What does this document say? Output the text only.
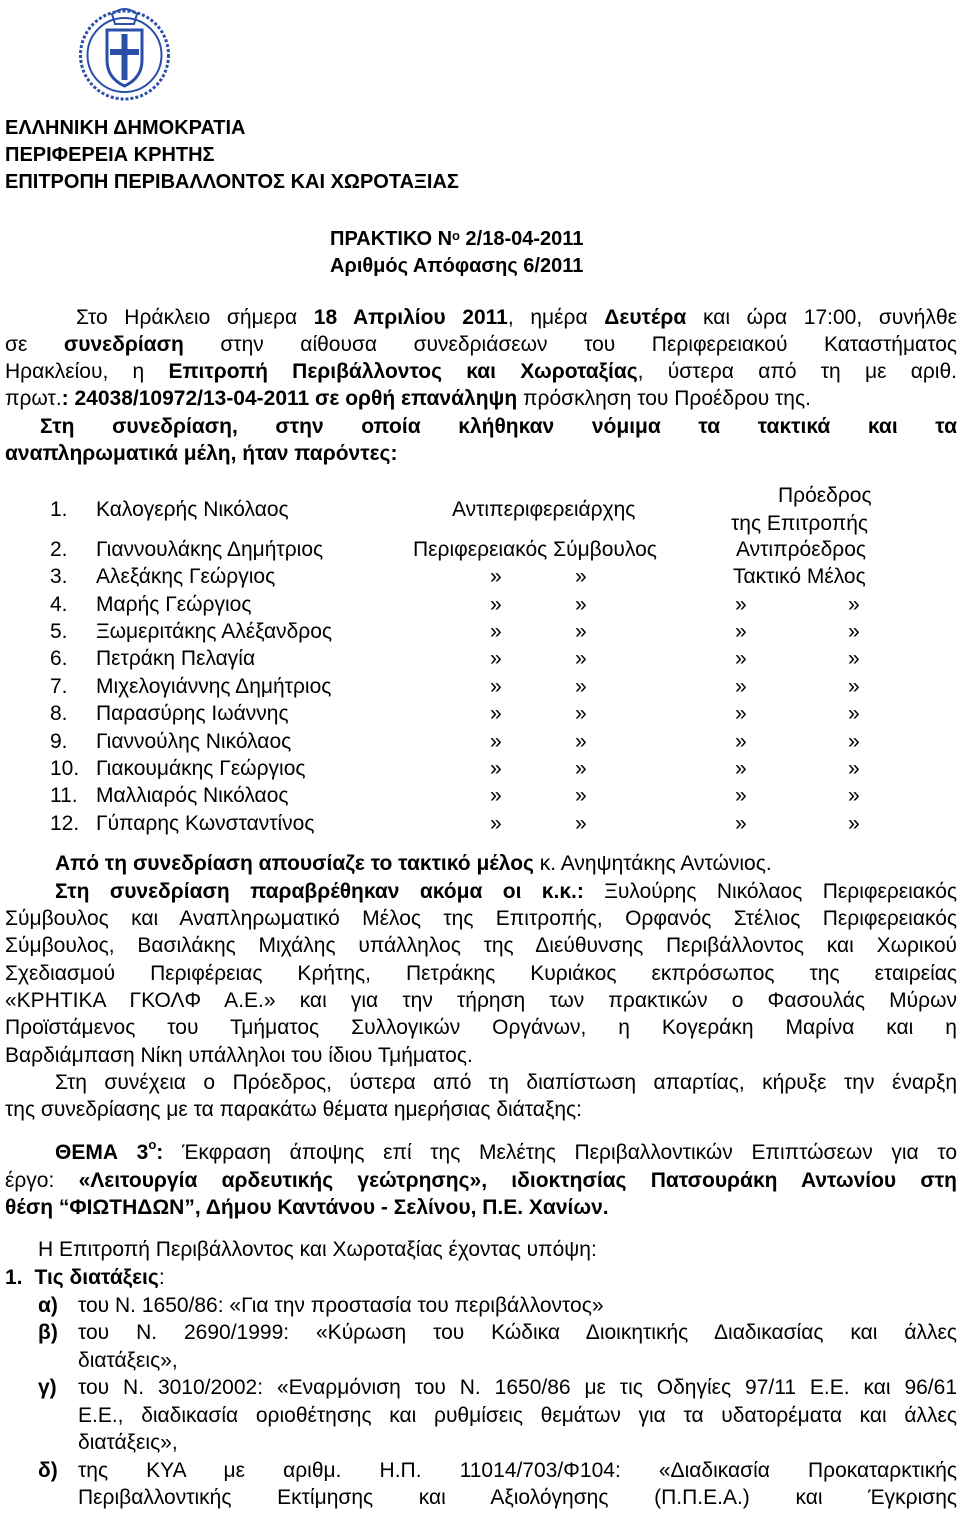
ΕΛΛΗΝΙΚΗ ΔΗΜΟΚΡΑΤΙΑ
ΠΕΡΙΦΕΡΕΙΑ ΚΡΗΤΗΣ
ΕΠΙΤΡΟΠΗ ΠΕΡΙΒΑΛΛΟΝΤΟΣ ΚΑΙ ΧΩΡΟΤΑΞΙΑΣ
ΠΡΑΚΤΙΚΟ $N^o$ 2/18-04-2011
Αριθμός Απόφασης 6/2011
Στο Ηράκλειο σήμερα 18 Απριλίου 2011, ημέρα Δευτέρα και ώρα 17:00, συνήλθε
σε συνεδρίαση στην αίθουσα συνεδριάσεων του Περιφερειακού Καταστήματος
Ηρακλείου, η Επιτροπή Περιβάλλοντος και Χωροταξίας, ύστερα από τη με αριθ.
πρωτ.: 24038/10972/13-04-2011 σε ορθή επανάληψη πρόσκληση του Προέδρου της.
Στη συνεδρίαση, στην οποία κλήθηκαν νόμιμα τα τακτικά και τα
αναπληρωματικά μέλη, ήταν παρόντες:
1. Καλογερής Νικόλαος	Αντιπεριφερειάρχης
Πρόεδρος
της Επιτροπής
2. Γιαννουλάκης Δημήτριος	Περιφερειακός Σύμβουλος	Αντιπρόεδρος
3. Αλεξάκης Γεώργιος	»	»	Τακτικό Μέλος
4. Μαρής Γεώργιος	»	»	»	»
5. Ξωμεριτάκης Αλέξανδρος	»	»	»	»
6. Πετράκη Πελαγία	»	»	»	»
7. Μιχελογιάννης Δημήτριος	»	»	»	»
8. Παρασύρης Ιωάννης	»	»	»	»
9. Γιαννούλης Νικόλαος	»	»	»	»
10. Γιακουμάκης Γεώργιος	»	»	»	»
11. Μαλλιαρός Νικόλαος	»	»	»	»
12. Γύπαρης Κωνσταντίνος	»	»	»	»
Από τη συνεδρίαση απουσίαζε το τακτικό μέλος κ. Ανηψητάκης Αντώνιος.
Στη συνεδρίαση παραβρέθηκαν ακόμα οι κ.κ.: Ξυλούρης Νικόλαος Περιφερειακός
Σύμβουλος και Αναπληρωματικό Μέλος της Επιτροπής, Ορφανός Στέλιος Περιφερειακός
Σύμβουλος, Βασιλάκης Μιχάλης υπάλληλος της Διεύθυνσης Περιβάλλοντος και Χωρικού
Σχεδιασμού Περιφέρειας Κρήτης, Πετράκης Κυριάκος εκπρόσωπος της εταιρείας
«ΚΡΗΤΙΚΑ ΓΚΟΛΦ Α.Ε.» και για την τήρηση των πρακτικών ο Φασουλάς Μύρων
Προϊστάμενος του Τμήματος Συλλογικών Οργάνων, η Κογεράκη Μαρίνα και η
Βαρδιάμπαση Νίκη υπάλληλοι του ίδιου Τμήματος.
Στη συνέχεια ο Πρόεδρος, ύστερα από τη διαπίστωση απαρτίας, κήρυξε την έναρξη
της συνεδρίασης με τα παρακάτω θέματα ημερήσιας διάταξης:
ΘΕΜΑ $3^o$: Έκφραση άποψης επί της Μελέτης Περιβαλλοντικών Επιπτώσεων για το
έργο: «Λειτουργία αρδευτικής γεώτρησης», ιδιοκτησίας Πατσουράκη Αντωνίου στη
θέση “ΦΙΩΤΗΔΩΝ”, Δήμου Καντάνου - Σελίνου, Π.Ε. Χανίων.
Η Επιτροπή Περιβάλλοντος και Χωροταξίας έχοντας υπόψη:
1. Τις διατάξεις:
α) του Ν. 1650/86: «Για την προστασία του περιβάλλοντος»
β) του Ν. 2690/1999: «Κύρωση του Κώδικα Διοικητικής Διαδικασίας και άλλες
διατάξεις»,
γ) του Ν. 3010/2002: «Εναρμόνιση του Ν. 1650/86 με τις Οδηγίες 97/11 Ε.Ε. και 96/61
Ε.Ε., διαδικασία οριοθέτησης και ρυθμίσεις θεμάτων για τα υδατορέματα και άλλες
διατάξεις»,
δ) της ΚΥΑ με αριθμ. Η.Π. 11014/703/Φ104: «Διαδικασία Προκαταρκτικής
Περιβαλλοντικής Εκτίμησης και Αξιολόγησης (Π.Π.Ε.Α.) και Έγκρισης
